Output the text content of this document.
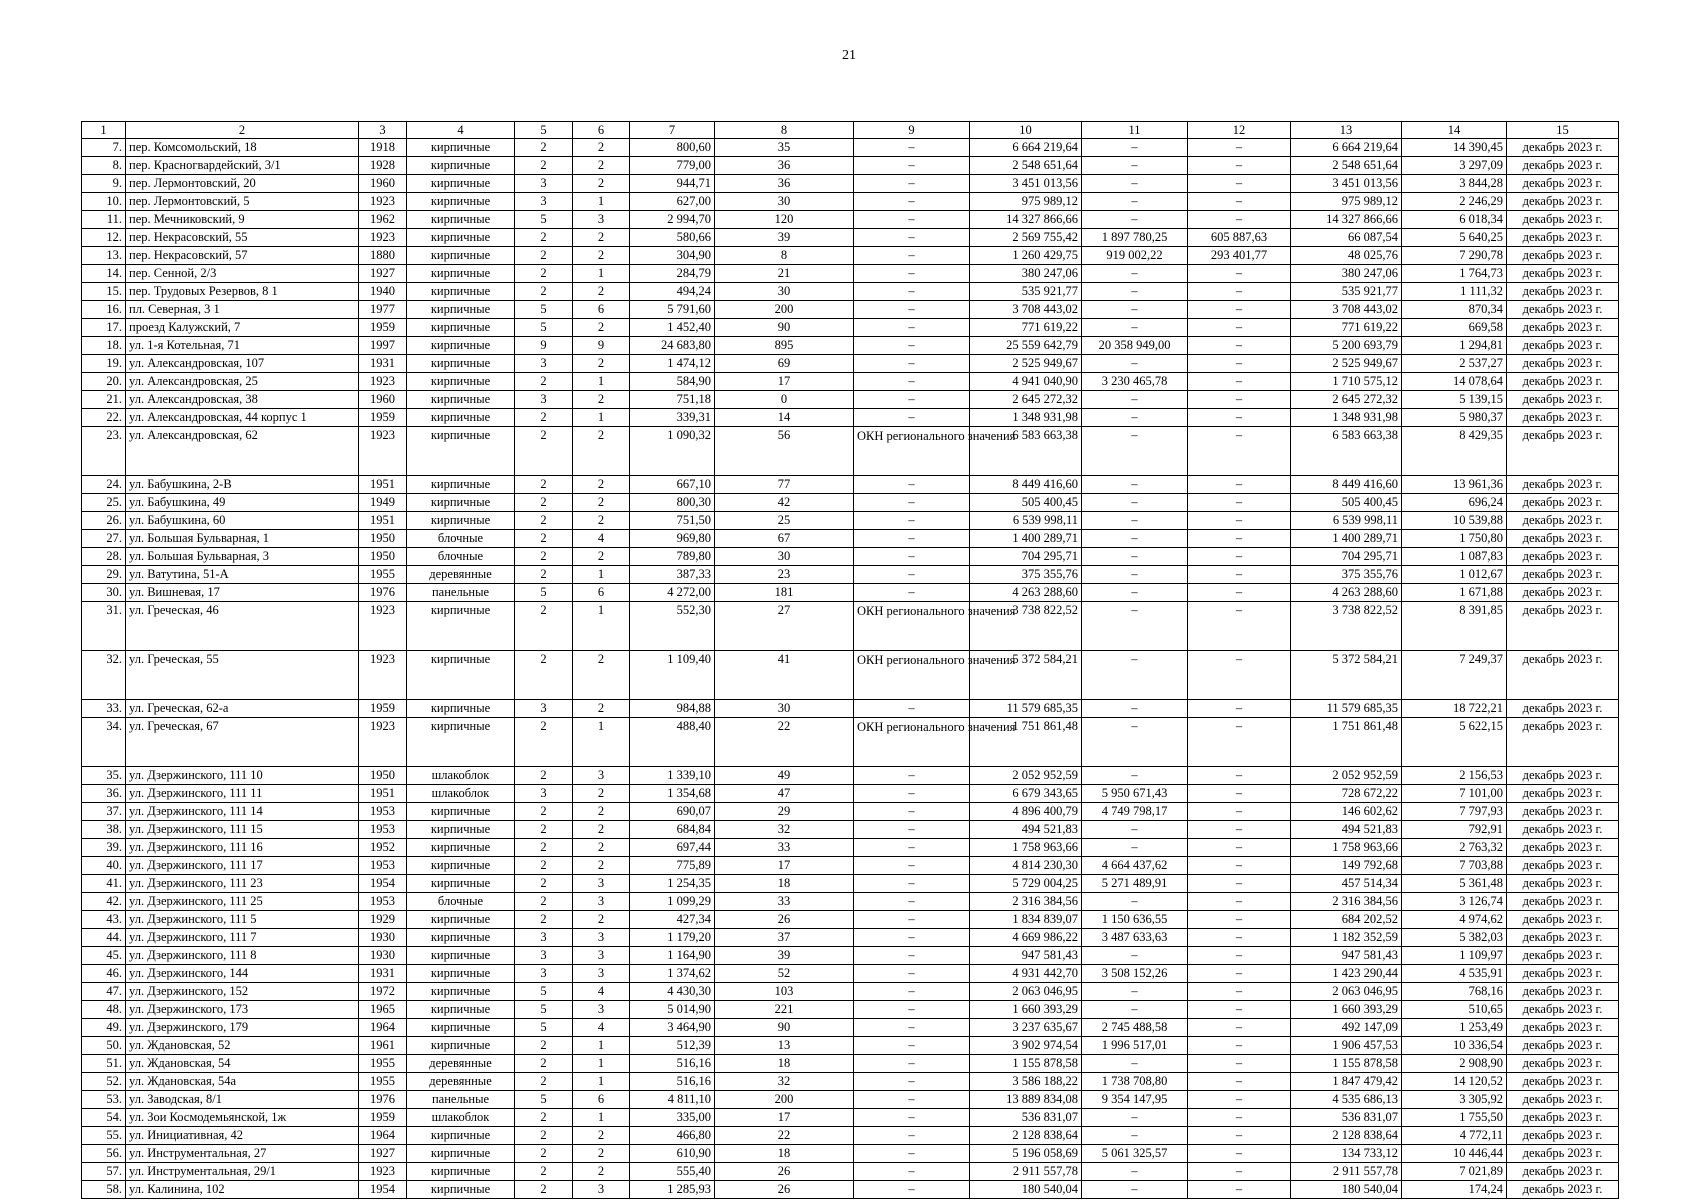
21
1	2	3	4	5	6	7	8	9	10	11	12	13	14	15
7.	пер. Комсомольский, 18	1918	кирпичные	2	2	800,60	35	–	6 664 219,64	–	–	6 664 219,64	14 390,45	декабрь 2023 г.
8.	пер. Красногвардейский, 3/1	1928	кирпичные	2	2	779,00	36	–	2 548 651,64	–	–	2 548 651,64	3 297,09	декабрь 2023 г.
9.	пер. Лермонтовский, 20	1960	кирпичные	3	2	944,71	36	–	3 451 013,56	–	–	3 451 013,56	3 844,28	декабрь 2023 г.
10.	пер. Лермонтовский, 5	1923	кирпичные	3	1	627,00	30	–	975 989,12	–	–	975 989,12	2 246,29	декабрь 2023 г.
11.	пер. Мечниковский, 9	1962	кирпичные	5	3	2 994,70	120	–	14 327 866,66	–	–	14 327 866,66	6 018,34	декабрь 2023 г.
12.	пер. Некрасовский, 55	1923	кирпичные	2	2	580,66	39	–	2 569 755,42	1 897 780,25	605 887,63	66 087,54	5 640,25	декабрь 2023 г.
13.	пер. Некрасовский, 57	1880	кирпичные	2	2	304,90	8	–	1 260 429,75	919 002,22	293 401,77	48 025,76	7 290,78	декабрь 2023 г.
14.	пер. Сенной, 2/3	1927	кирпичные	2	1	284,79	21	–	380 247,06	–	–	380 247,06	1 764,73	декабрь 2023 г.
15.	пер. Трудовых Резервов, 8 1	1940	кирпичные	2	2	494,24	30	–	535 921,77	–	–	535 921,77	1 111,32	декабрь 2023 г.
16.	пл. Северная, 3 1	1977	кирпичные	5	6	5 791,60	200	–	3 708 443,02	–	–	3 708 443,02	870,34	декабрь 2023 г.
17.	проезд Калужский, 7	1959	кирпичные	5	2	1 452,40	90	–	771 619,22	–	–	771 619,22	669,58	декабрь 2023 г.
18.	ул. 1-я Котельная, 71	1997	кирпичные	9	9	24 683,80	895	–	25 559 642,79	20 358 949,00	–	5 200 693,79	1 294,81	декабрь 2023 г.
19.	ул. Александровская, 107	1931	кирпичные	3	2	1 474,12	69	–	2 525 949,67	–	–	2 525 949,67	2 537,27	декабрь 2023 г.
20.	ул. Александровская, 25	1923	кирпичные	2	1	584,90	17	–	4 941 040,90	3 230 465,78	–	1 710 575,12	14 078,64	декабрь 2023 г.
21.	ул. Александровская, 38	1960	кирпичные	3	2	751,18	0	–	2 645 272,32	–	–	2 645 272,32	5 139,15	декабрь 2023 г.
22.	ул. Александровская, 44 корпус 1	1959	кирпичные	2	1	339,31	14	–	1 348 931,98	–	–	1 348 931,98	5 980,37	декабрь 2023 г.
23.	ул. Александровская, 62	1923	кирпичные	2	2	1 090,32	56	ОКН регионального значения	6 583 663,38	–	–	6 583 663,38	8 429,35	декабрь 2023 г.
24.	ул. Бабушкина, 2-В	1951	кирпичные	2	2	667,10	77	–	8 449 416,60	–	–	8 449 416,60	13 961,36	декабрь 2023 г.
25.	ул. Бабушкина, 49	1949	кирпичные	2	2	800,30	42	–	505 400,45	–	–	505 400,45	696,24	декабрь 2023 г.
26.	ул. Бабушкина, 60	1951	кирпичные	2	2	751,50	25	–	6 539 998,11	–	–	6 539 998,11	10 539,88	декабрь 2023 г.
27.	ул. Большая Бульварная, 1	1950	блочные	2	4	969,80	67	–	1 400 289,71	–	–	1 400 289,71	1 750,80	декабрь 2023 г.
28.	ул. Большая Бульварная, 3	1950	блочные	2	2	789,80	30	–	704 295,71	–	–	704 295,71	1 087,83	декабрь 2023 г.
29.	ул. Ватутина, 51-А	1955	деревянные	2	1	387,33	23	–	375 355,76	–	–	375 355,76	1 012,67	декабрь 2023 г.
30.	ул. Вишневая, 17	1976	панельные	5	6	4 272,00	181	–	4 263 288,60	–	–	4 263 288,60	1 671,88	декабрь 2023 г.
31.	ул. Греческая, 46	1923	кирпичные	2	1	552,30	27	ОКН регионального значения	3 738 822,52	–	–	3 738 822,52	8 391,85	декабрь 2023 г.
32.	ул. Греческая, 55	1923	кирпичные	2	2	1 109,40	41	ОКН регионального значения	5 372 584,21	–	–	5 372 584,21	7 249,37	декабрь 2023 г.
33.	ул. Греческая, 62-а	1959	кирпичные	3	2	984,88	30	–	11 579 685,35	–	–	11 579 685,35	18 722,21	декабрь 2023 г.
34.	ул. Греческая, 67	1923	кирпичные	2	1	488,40	22	ОКН регионального значения	1 751 861,48	–	–	1 751 861,48	5 622,15	декабрь 2023 г.
35.	ул. Дзержинского, 111 10	1950	шлакоблок	2	3	1 339,10	49	–	2 052 952,59	–	–	2 052 952,59	2 156,53	декабрь 2023 г.
36.	ул. Дзержинского, 111 11	1951	шлакоблок	3	2	1 354,68	47	–	6 679 343,65	5 950 671,43	–	728 672,22	7 101,00	декабрь 2023 г.
37.	ул. Дзержинского, 111 14	1953	кирпичные	2	2	690,07	29	–	4 896 400,79	4 749 798,17	–	146 602,62	7 797,93	декабрь 2023 г.
38.	ул. Дзержинского, 111 15	1953	кирпичные	2	2	684,84	32	–	494 521,83	–	–	494 521,83	792,91	декабрь 2023 г.
39.	ул. Дзержинского, 111 16	1952	кирпичные	2	2	697,44	33	–	1 758 963,66	–	–	1 758 963,66	2 763,32	декабрь 2023 г.
40.	ул. Дзержинского, 111 17	1953	кирпичные	2	2	775,89	17	–	4 814 230,30	4 664 437,62	–	149 792,68	7 703,88	декабрь 2023 г.
41.	ул. Дзержинского, 111 23	1954	кирпичные	2	3	1 254,35	18	–	5 729 004,25	5 271 489,91	–	457 514,34	5 361,48	декабрь 2023 г.
42.	ул. Дзержинского, 111 25	1953	блочные	2	3	1 099,29	33	–	2 316 384,56	–	–	2 316 384,56	3 126,74	декабрь 2023 г.
43.	ул. Дзержинского, 111 5	1929	кирпичные	2	2	427,34	26	–	1 834 839,07	1 150 636,55	–	684 202,52	4 974,62	декабрь 2023 г.
44.	ул. Дзержинского, 111 7	1930	кирпичные	3	3	1 179,20	37	–	4 669 986,22	3 487 633,63	–	1 182 352,59	5 382,03	декабрь 2023 г.
45.	ул. Дзержинского, 111 8	1930	кирпичные	3	3	1 164,90	39	–	947 581,43	–	–	947 581,43	1 109,97	декабрь 2023 г.
46.	ул. Дзержинского, 144	1931	кирпичные	3	3	1 374,62	52	–	4 931 442,70	3 508 152,26	–	1 423 290,44	4 535,91	декабрь 2023 г.
47.	ул. Дзержинского, 152	1972	кирпичные	5	4	4 430,30	103	–	2 063 046,95	–	–	2 063 046,95	768,16	декабрь 2023 г.
48.	ул. Дзержинского, 173	1965	кирпичные	5	3	5 014,90	221	–	1 660 393,29	–	–	1 660 393,29	510,65	декабрь 2023 г.
49.	ул. Дзержинского, 179	1964	кирпичные	5	4	3 464,90	90	–	3 237 635,67	2 745 488,58	–	492 147,09	1 253,49	декабрь 2023 г.
50.	ул. Ждановская, 52	1961	кирпичные	2	1	512,39	13	–	3 902 974,54	1 996 517,01	–	1 906 457,53	10 336,54	декабрь 2023 г.
51.	ул. Ждановская, 54	1955	деревянные	2	1	516,16	18	–	1 155 878,58	–	–	1 155 878,58	2 908,90	декабрь 2023 г.
52.	ул. Ждановская, 54а	1955	деревянные	2	1	516,16	32	–	3 586 188,22	1 738 708,80	–	1 847 479,42	14 120,52	декабрь 2023 г.
53.	ул. Заводская, 8/1	1976	панельные	5	6	4 811,10	200	–	13 889 834,08	9 354 147,95	–	4 535 686,13	3 305,92	декабрь 2023 г.
54.	ул. Зои Космодемьянской, 1ж	1959	шлакоблок	2	1	335,00	17	–	536 831,07	–	–	536 831,07	1 755,50	декабрь 2023 г.
55.	ул. Инициативная, 42	1964	кирпичные	2	2	466,80	22	–	2 128 838,64	–	–	2 128 838,64	4 772,11	декабрь 2023 г.
56.	ул. Инструментальная, 27	1927	кирпичные	2	2	610,90	18	–	5 196 058,69	5 061 325,57	–	134 733,12	10 446,44	декабрь 2023 г.
57.	ул. Инструментальная, 29/1	1923	кирпичные	2	2	555,40	26	–	2 911 557,78	–	–	2 911 557,78	7 021,89	декабрь 2023 г.
58.	ул. Калинина, 102	1954	кирпичные	2	3	1 285,93	26	–	180 540,04	–	–	180 540,04	174,24	декабрь 2023 г.
